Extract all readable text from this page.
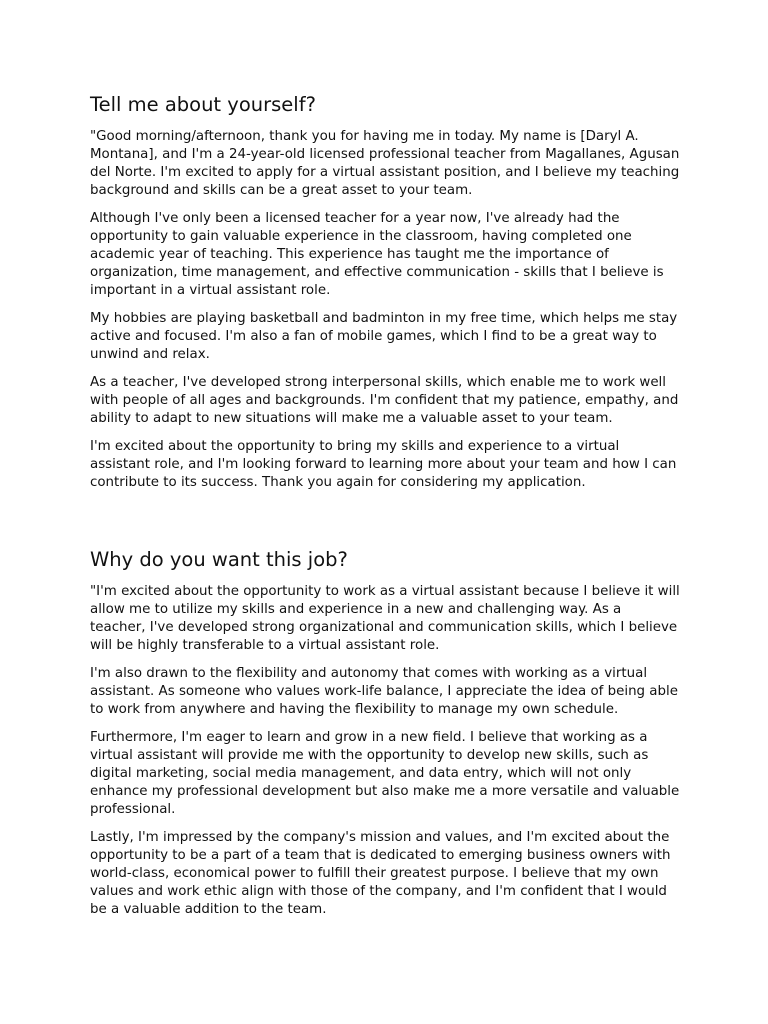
Tell me about yourself?

"Good morning/afternoon, thank you for having me in today. My name is [Daryl A. Montana], and I'm a 24-year-old licensed professional teacher from Magallanes, Agusan del Norte. I'm excited to apply for a virtual assistant position, and I believe my teaching background and skills can be a great asset to your team.

Although I've only been a licensed teacher for a year now, I've already had the opportunity to gain valuable experience in the classroom, having completed one academic year of teaching. This experience has taught me the importance of organization, time management, and effective communication - skills that I believe is important in a virtual assistant role.

My hobbies are playing basketball and badminton in my free time, which helps me stay active and focused. I'm also a fan of mobile games, which I find to be a great way to unwind and relax.

As a teacher, I've developed strong interpersonal skills, which enable me to work well with people of all ages and backgrounds. I'm confident that my patience, empathy, and ability to adapt to new situations will make me a valuable asset to your team.

I'm excited about the opportunity to bring my skills and experience to a virtual assistant role, and I'm looking forward to learning more about your team and how I can contribute to its success. Thank you again for considering my application.

Why do you want this job?

"I'm excited about the opportunity to work as a virtual assistant because I believe it will allow me to utilize my skills and experience in a new and challenging way. As a teacher, I've developed strong organizational and communication skills, which I believe will be highly transferable to a virtual assistant role.

I'm also drawn to the flexibility and autonomy that comes with working as a virtual assistant. As someone who values work-life balance, I appreciate the idea of being able to work from anywhere and having the flexibility to manage my own schedule.

Furthermore, I'm eager to learn and grow in a new field. I believe that working as a virtual assistant will provide me with the opportunity to develop new skills, such as digital marketing, social media management, and data entry, which will not only enhance my professional development but also make me a more versatile and valuable professional.

Lastly, I'm impressed by the company's mission and values, and I'm excited about the opportunity to be a part of a team that is dedicated to emerging business owners with world-class, economical power to fulfill their greatest purpose. I believe that my own values and work ethic align with those of the company, and I'm confident that I would be a valuable addition to the team.
